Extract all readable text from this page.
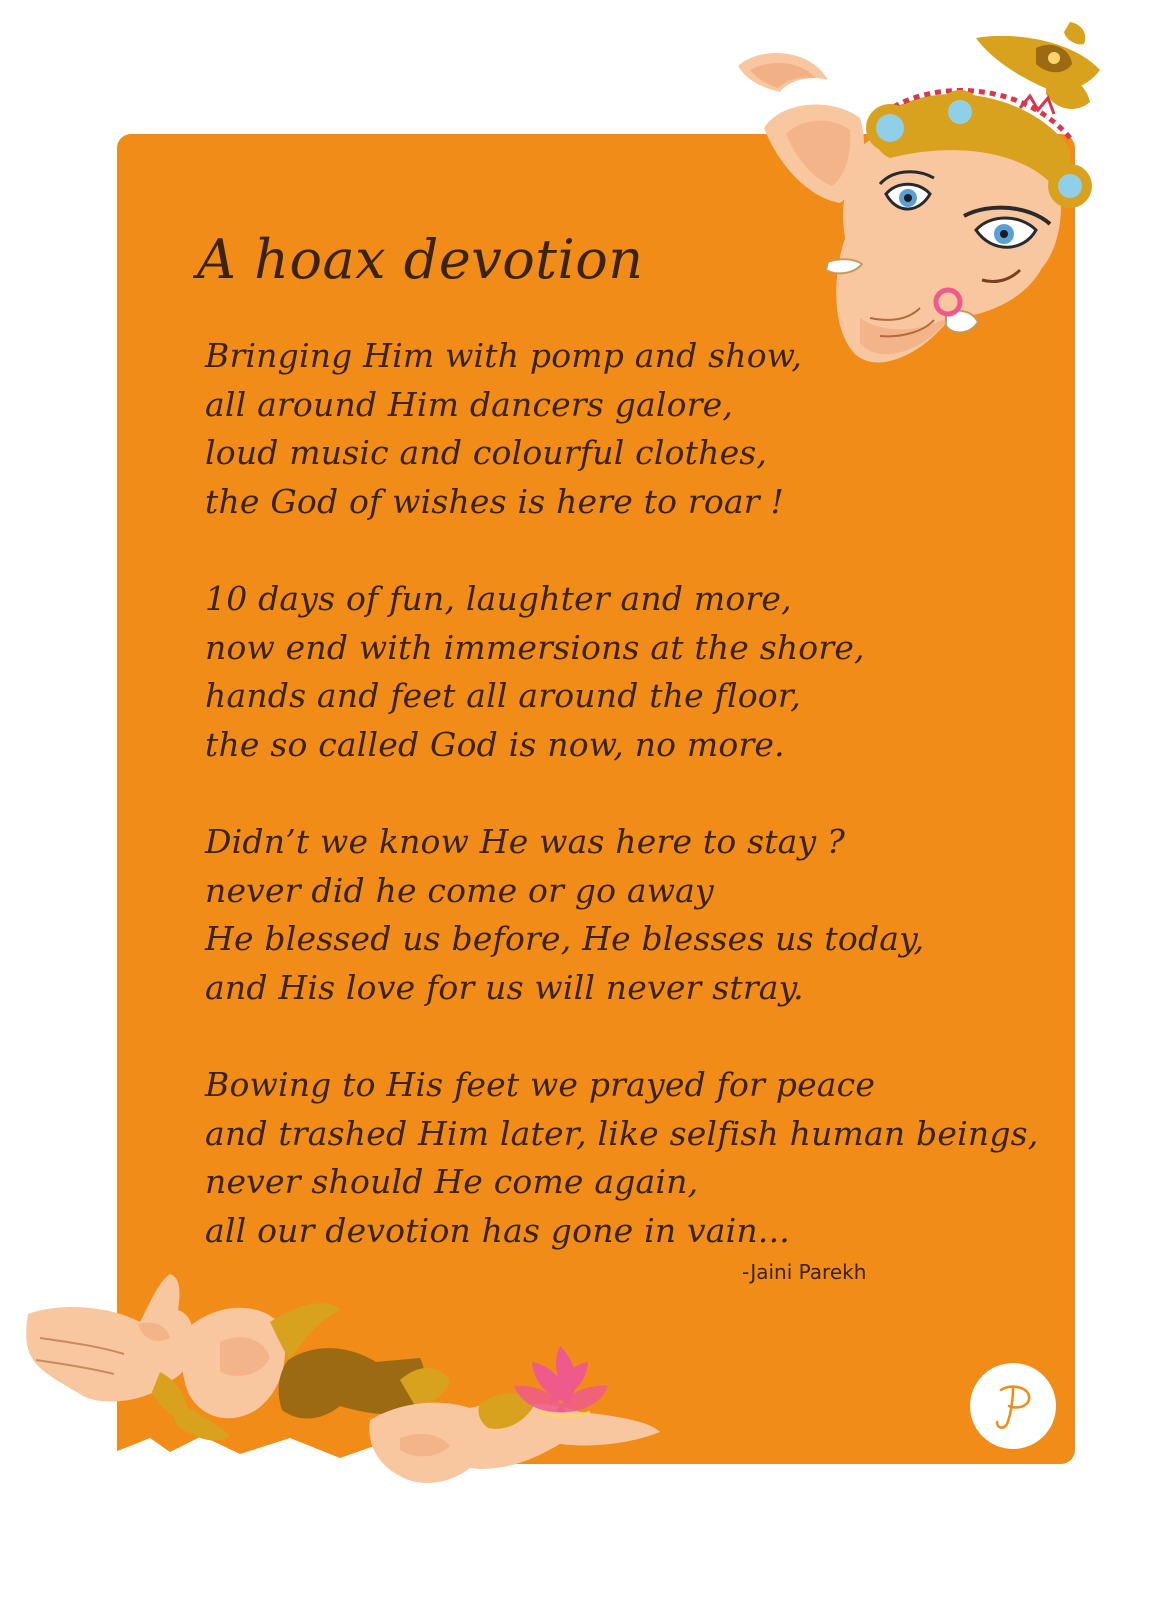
A hoax devotion
Bringing Him with pomp and show,
all around Him dancers galore,
loud music and colourful clothes,
the God of wishes is here to roar !
10 days of fun, laughter and more,
now end with immersions at the shore,
hands and feet all around the floor,
the so called God is now, no more.
Didn’t we know He was here to stay ?
never did he come or go away
He blessed us before, He blesses us today,
and His love for us will never stray.
Bowing to His feet we prayed for peace
and trashed Him later, like selfish human beings,
never should He come again,
all our devotion has gone in vain...
-Jaini Parekh
